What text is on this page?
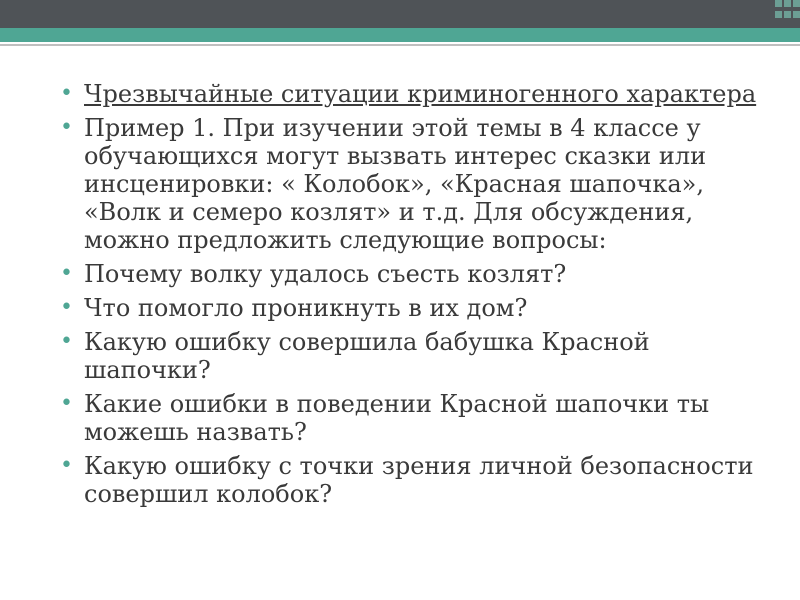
• Чрезвычайные ситуации криминогенного характера
• Пример 1. При изучении этой темы в 4 классе у обучающихся могут вызвать интерес сказки или инсценировки: « Колобок», «Красная шапочка», «Волк и семеро козлят» и т.д. Для обсуждения, можно предложить следующие вопросы:
• Почему волку удалось съесть козлят?
• Что помогло проникнуть в их дом?
• Какую ошибку совершила бабушка Красной шапочки?
• Какие ошибки в поведении Красной шапочки ты можешь назвать?
• Какую ошибку с точки зрения личной безопасности совершил колобок?
